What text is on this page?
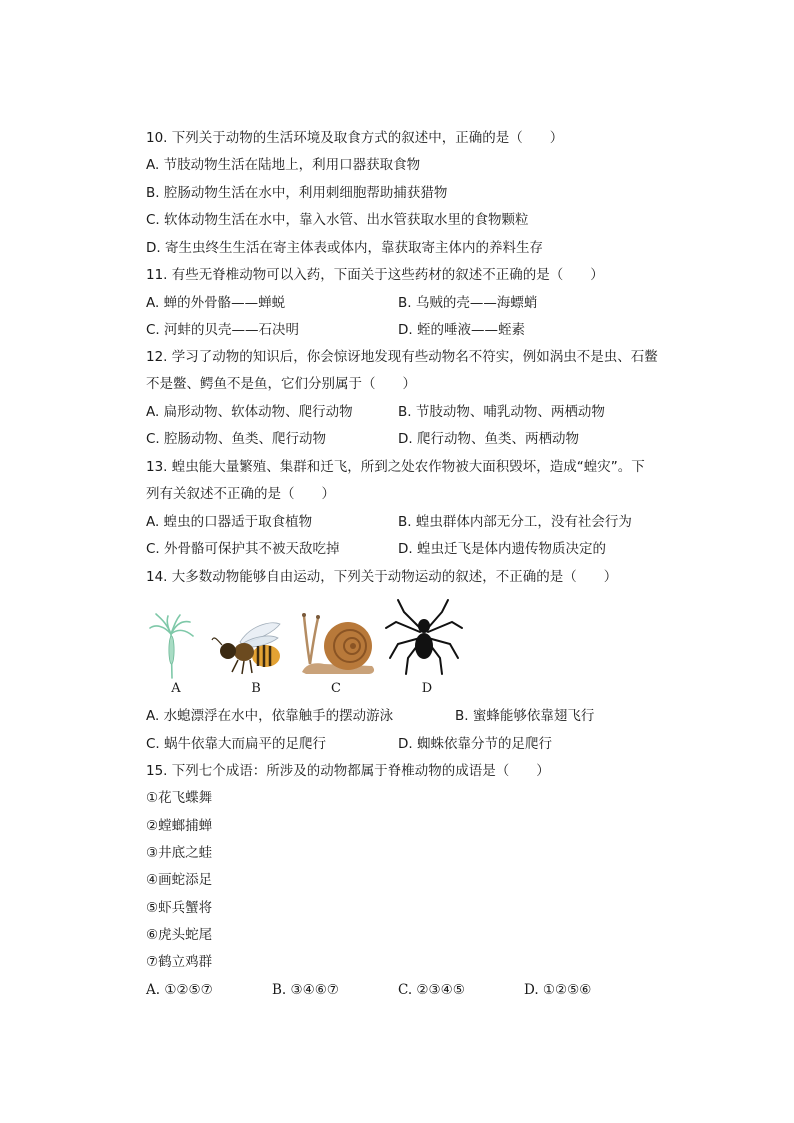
10. 下列关于动物的生活环境及取食方式的叙述中，正确的是（　　）
A. 节肢动物生活在陆地上，利用口器获取食物
B. 腔肠动物生活在水中，利用刺细胞帮助捕获猎物
C. 软体动物生活在水中，靠入水管、出水管获取水里的食物颗粒
D. 寄生虫终生生活在寄主体表或体内，靠获取寄主体内的养料生存
11. 有些无脊椎动物可以入药，下面关于这些药材的叙述不正确的是（　　）
A. 蝉的外骨骼——蝉蜕	B. 乌贼的壳——海螵蛸
C. 河蚌的贝壳——石决明	D. 蛭的唾液——蛭素
12. 学习了动物的知识后，你会惊讶地发现有些动物名不符实，例如涡虫不是虫、石鳖
不是鳖、鳄鱼不是鱼，它们分别属于（　　）
A. 扁形动物、软体动物、爬行动物	B. 节肢动物、哺乳动物、两栖动物
C. 腔肠动物、鱼类、爬行动物	D. 爬行动物、鱼类、两栖动物
13. 蝗虫能大量繁殖、集群和迁飞，所到之处农作物被大面积毁坏，造成“蝗灾”。下
列有关叙述不正确的是（　　）
A. 蝗虫的口器适于取食植物	B. 蝗虫群体内部无分工，没有社会行为
C. 外骨骼可保护其不被天敌吃掉	D. 蝗虫迁飞是体内遗传物质决定的
14. 大多数动物能够自由运动，下列关于动物运动的叙述，不正确的是（　　）
A	B	C	D
A. 水螅漂浮在水中，依靠触手的摆动游泳	B. 蜜蜂能够依靠翅飞行
C. 蜗牛依靠大而扁平的足爬行	D. 蜘蛛依靠分节的足爬行
15. 下列七个成语：所涉及的动物都属于脊椎动物的成语是（　　）
①花飞蝶舞
②螳螂捕蝉
③井底之蛙
④画蛇添足
⑤虾兵蟹将
⑥虎头蛇尾
⑦鹤立鸡群
A. ①②⑤⑦	B. ③④⑥⑦	C. ②③④⑤	D. ①②⑤⑥
